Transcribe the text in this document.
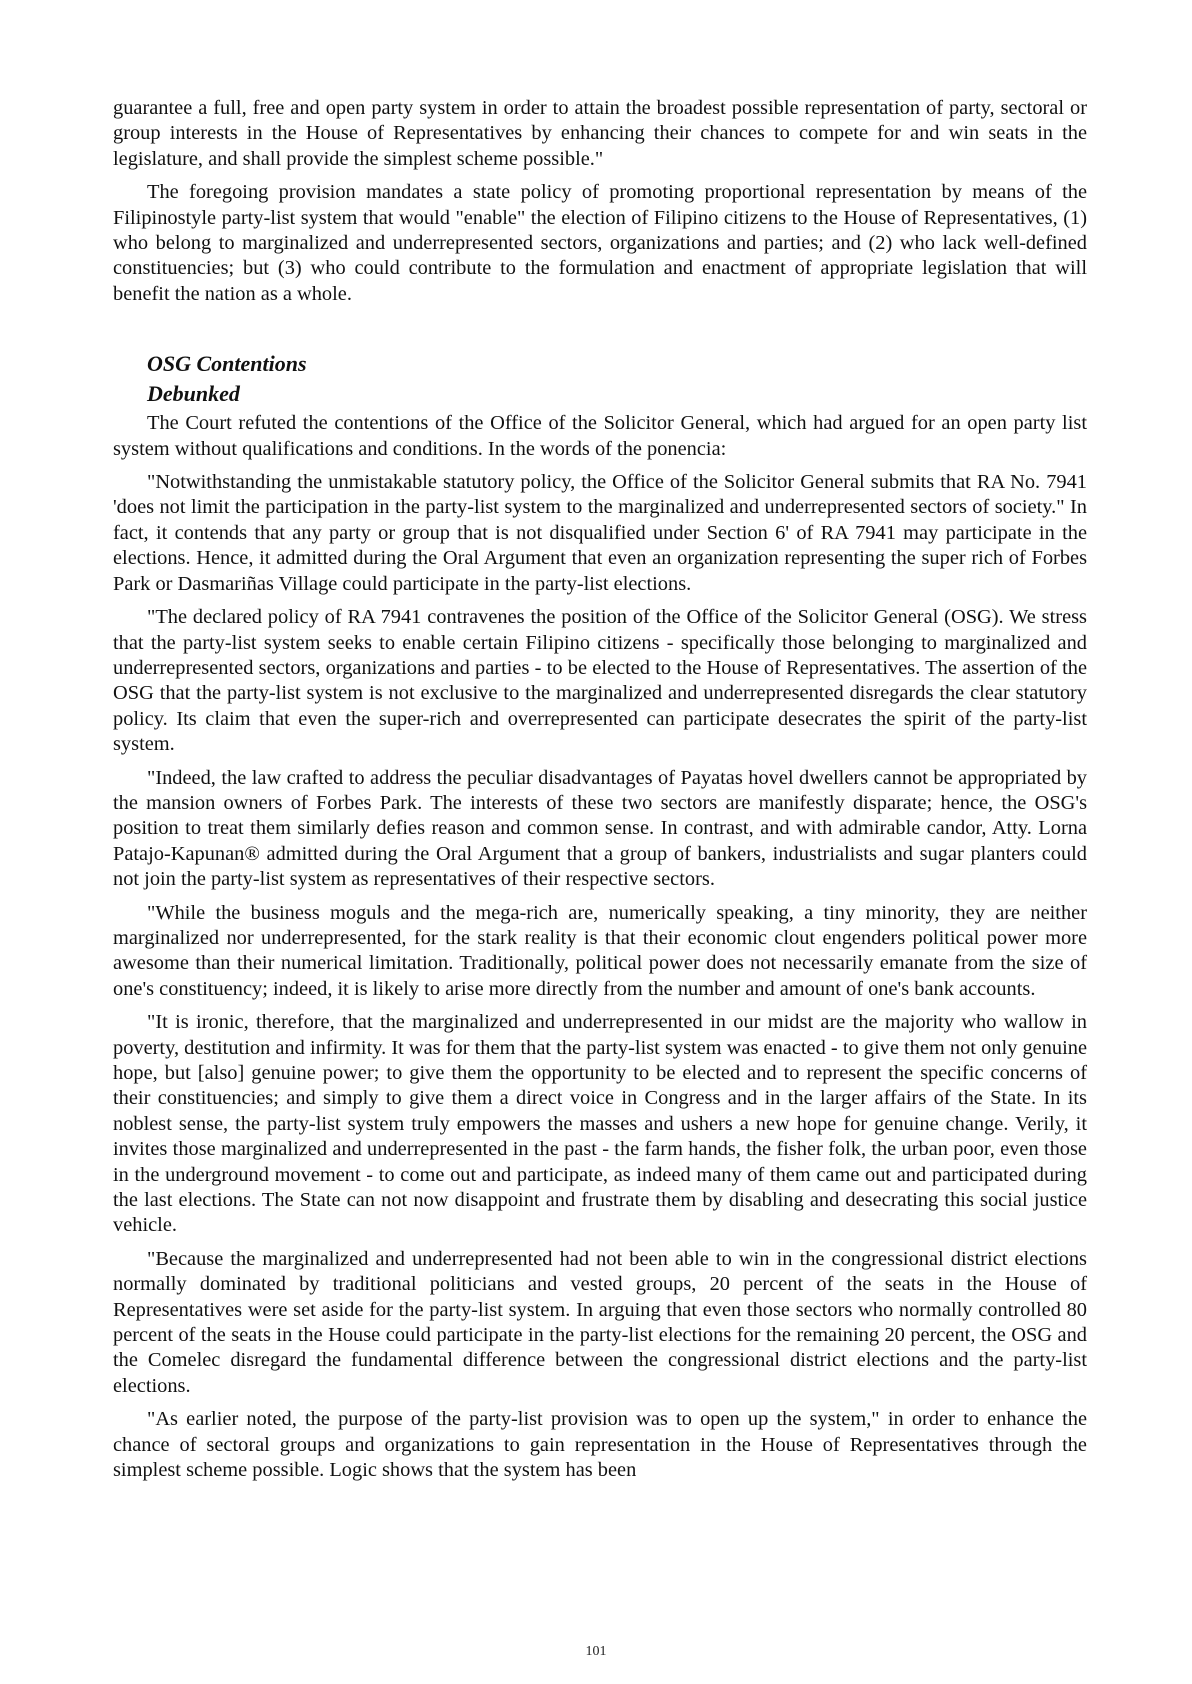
guarantee a full, free and open party system in order to attain the broadest possible representation of party, sectoral or group interests in the House of Representatives by enhancing their chances to compete for and win seats in the legislature, and shall provide the simplest scheme possible."

The foregoing provision mandates a state policy of promoting proportional representation by means of the Filipinostyle party-list system that would "enable" the election of Filipino citizens to the House of Representatives, (1) who belong to marginalized and underrepresented sectors, organizations and parties; and (2) who lack well-defined constituencies; but (3) who could contribute to the formulation and enactment of appropriate legislation that will benefit the nation as a whole.

OSG Contentions

Debunked

The Court refuted the contentions of the Office of the Solicitor General, which had argued for an open party list system without qualifications and conditions. In the words of the ponencia:

"Notwithstanding the unmistakable statutory policy, the Office of the Solicitor General submits that RA No. 7941 'does not limit the participation in the party-list system to the marginalized and underrepresented sectors of society." In fact, it contends that any party or group that is not disqualified under Section 6' of RA 7941 may participate in the elections. Hence, it admitted during the Oral Argument that even an organization representing the super rich of Forbes Park or Dasmariñas Village could participate in the party-list elections.

"The declared policy of RA 7941 contravenes the position of the Office of the Solicitor General (OSG). We stress that the party-list system seeks to enable certain Filipino citizens - specifically those belonging to marginalized and underrepresented sectors, organizations and parties - to be elected to the House of Representatives. The assertion of the OSG that the party-list system is not exclusive to the marginalized and underrepresented disregards the clear statutory policy. Its claim that even the super-rich and overrepresented can participate desecrates the spirit of the party-list system.

"Indeed, the law crafted to address the peculiar disadvantages of Payatas hovel dwellers cannot be appropriated by the mansion owners of Forbes Park. The interests of these two sectors are manifestly disparate; hence, the OSG's position to treat them similarly defies reason and common sense. In contrast, and with admirable candor, Atty. Lorna Patajo-Kapunan® admitted during the Oral Argument that a group of bankers, industrialists and sugar planters could not join the party-list system as representatives of their respective sectors.

"While the business moguls and the mega-rich are, numerically speaking, a tiny minority, they are neither marginalized nor underrepresented, for the stark reality is that their economic clout engenders political power more awesome than their numerical limitation. Traditionally, political power does not necessarily emanate from the size of one's constituency; indeed, it is likely to arise more directly from the number and amount of one's bank accounts.

"It is ironic, therefore, that the marginalized and underrepresented in our midst are the majority who wallow in poverty, destitution and infirmity. It was for them that the party-list system was enacted - to give them not only genuine hope, but [also] genuine power; to give them the opportunity to be elected and to represent the specific concerns of their constituencies; and simply to give them a direct voice in Congress and in the larger affairs of the State. In its noblest sense, the party-list system truly empowers the masses and ushers a new hope for genuine change. Verily, it invites those marginalized and underrepresented in the past - the farm hands, the fisher folk, the urban poor, even those in the underground movement - to come out and participate, as indeed many of them came out and participated during the last elections. The State can not now disappoint and frustrate them by disabling and desecrating this social justice vehicle.

"Because the marginalized and underrepresented had not been able to win in the congressional district elections normally dominated by traditional politicians and vested groups, 20 percent of the seats in the House of Representatives were set aside for the party-list system. In arguing that even those sectors who normally controlled 80 percent of the seats in the House could participate in the party-list elections for the remaining 20 percent, the OSG and the Comelec disregard the fundamental difference between the congressional district elections and the party-list elections.

"As earlier noted, the purpose of the party-list provision was to open up the system," in order to enhance the chance of sectoral groups and organizations to gain representation in the House of Representatives through the simplest scheme possible. Logic shows that the system has been

101
